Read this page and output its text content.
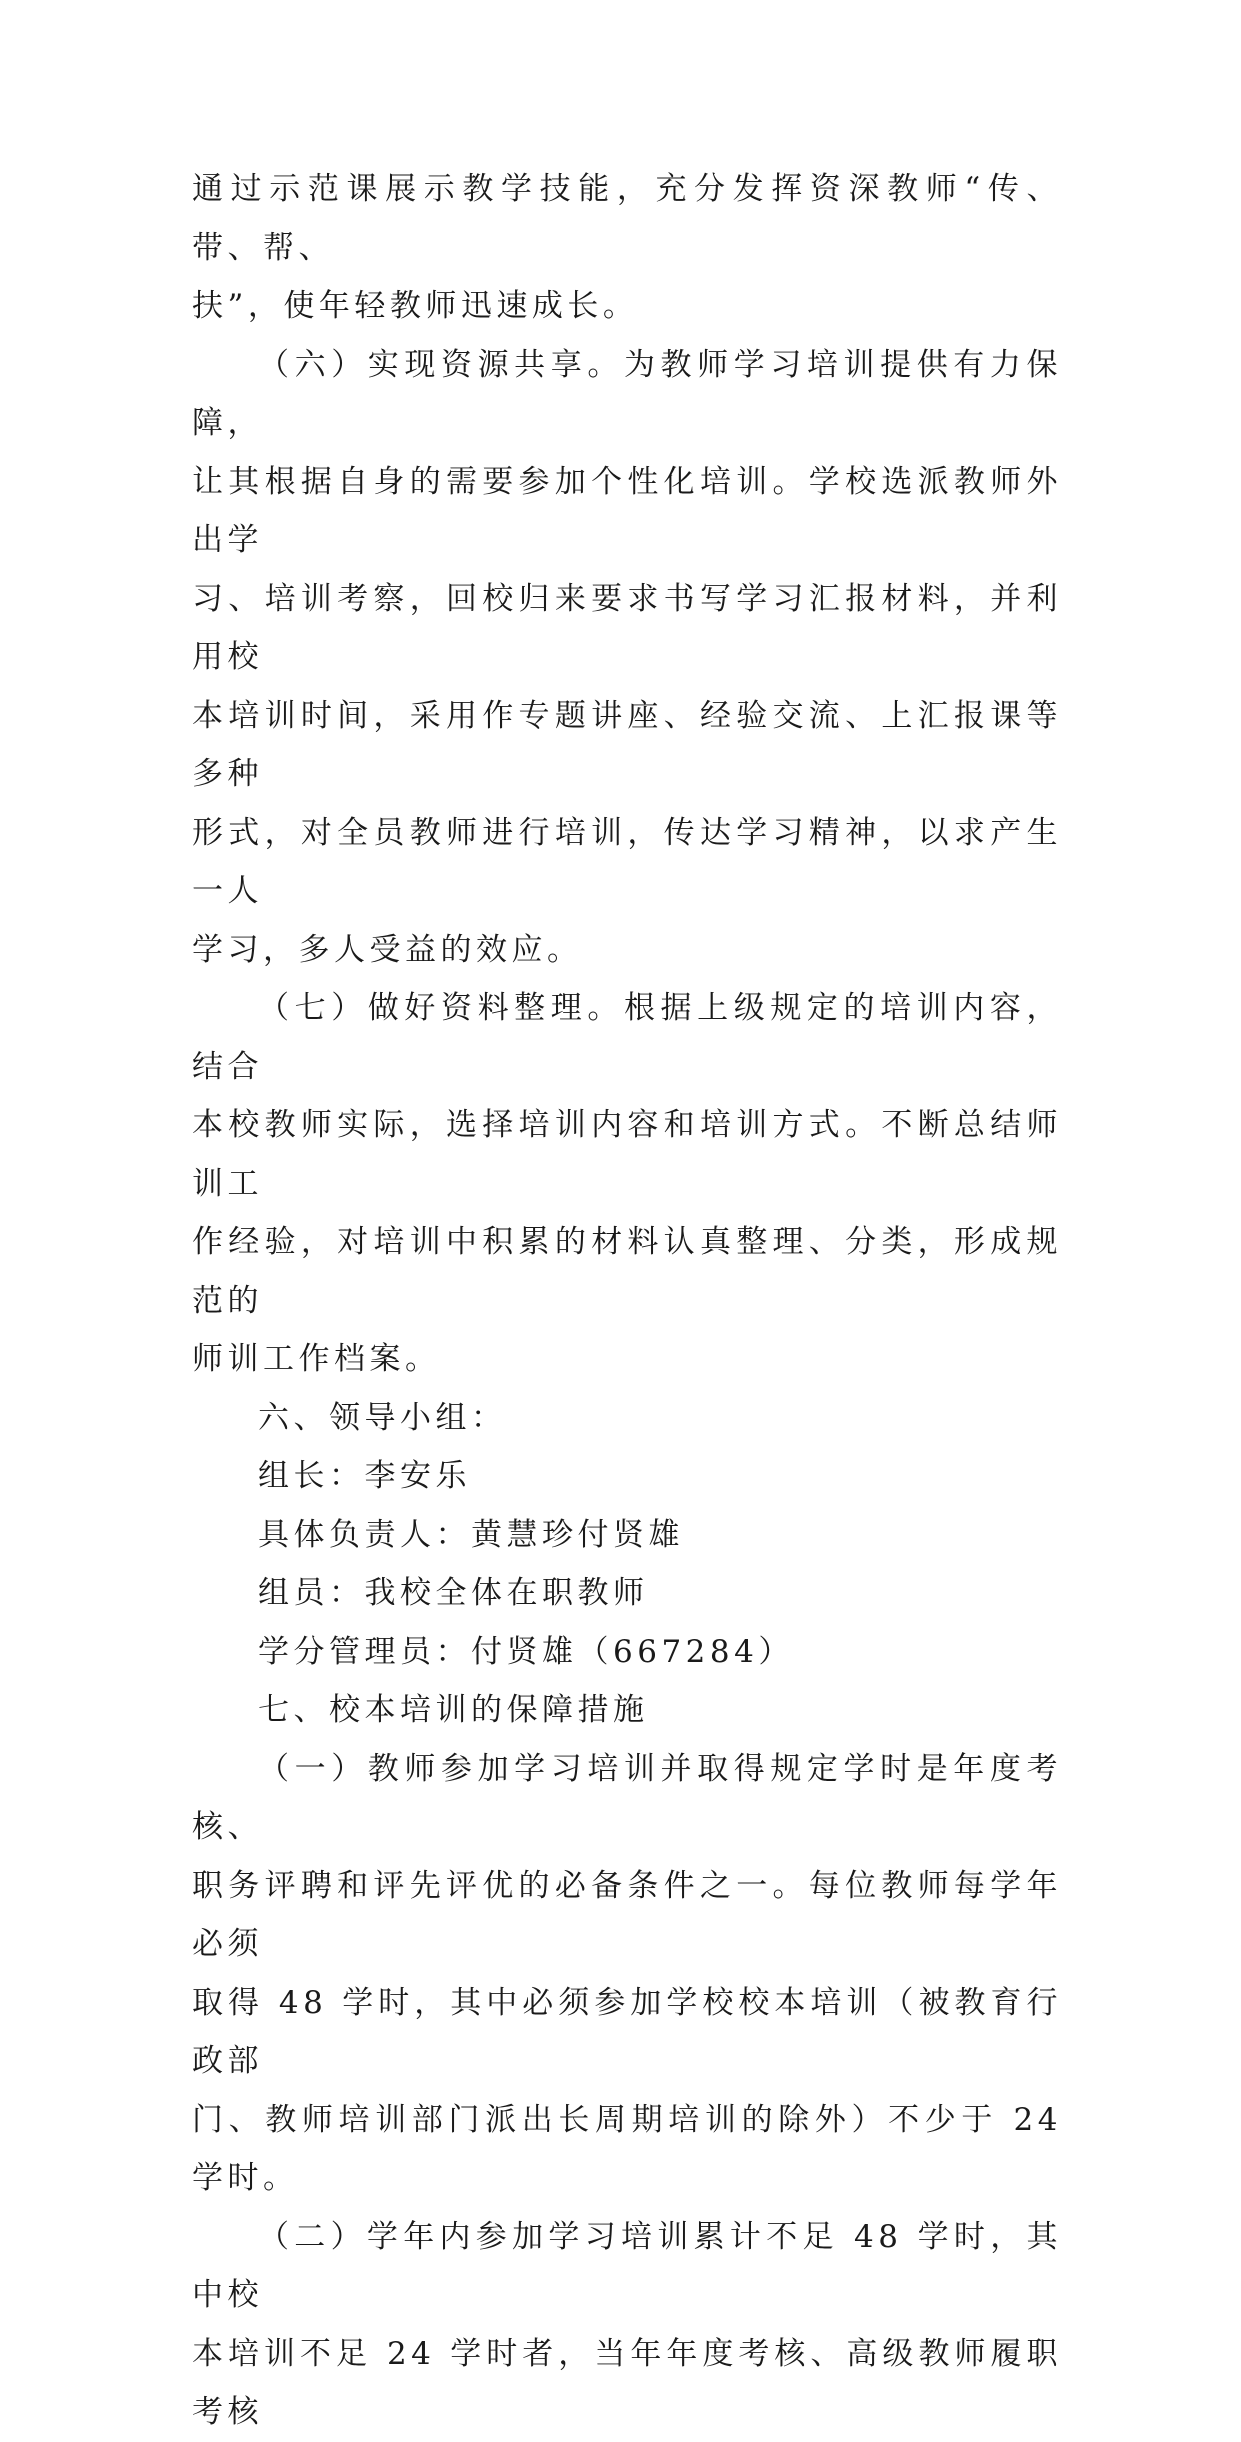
通过示范课展示教学技能，充分发挥资深教师“传、带、帮、
扶”，使年轻教师迅速成长。

（六）实现资源共享。为教师学习培训提供有力保障，
让其根据自身的需要参加个性化培训。学校选派教师外出学
习、培训考察，回校归来要求书写学习汇报材料，并利用校
本培训时间，采用作专题讲座、经验交流、上汇报课等多种
形式，对全员教师进行培训，传达学习精神，以求产生一人
学习，多人受益的效应。

（七）做好资料整理。根据上级规定的培训内容，结合
本校教师实际，选择培训内容和培训方式。不断总结师训工
作经验，对培训中积累的材料认真整理、分类，形成规范的
师训工作档案。

六、领导小组：

组长：李安乐

具体负责人：黄慧珍付贤雄

组员：我校全体在职教师

学分管理员：付贤雄（667284）

七、校本培训的保障措施

（一）教师参加学习培训并取得规定学时是年度考核、
职务评聘和评先评优的必备条件之一。每位教师每学年必须
取得 48 学时，其中必须参加学校校本培训（被教育行政部
门、教师培训部门派出长周期培训的除外）不少于 24 学时。

（二）学年内参加学习培训累计不足 48 学时，其中校
本培训不足 24 学时者，当年年度考核、高级教师履职考核
